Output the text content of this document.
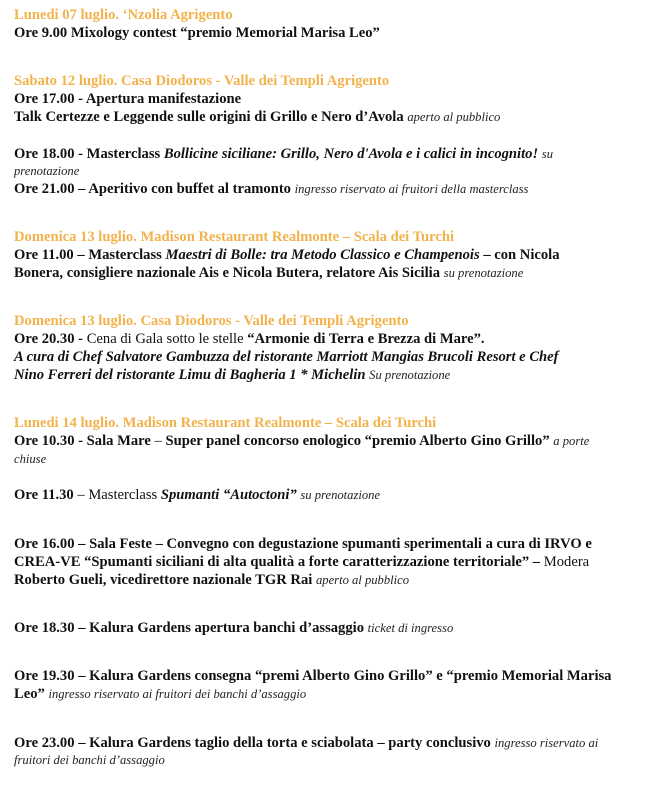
Lunedi 07 luglio. ‘Nzolia Agrigento
Ore 9.00 Mixology contest “premio Memorial Marisa Leo”
Sabato 12 luglio. Casa Diodoros - Valle dei Templi Agrigento
Ore 17.00 - Apertura manifestazione
Talk Certezze e Leggende sulle origini di Grillo e Nero d’Avola aperto al pubblico
Ore 18.00 - Masterclass Bollicine siciliane: Grillo, Nero d'Avola e i calici in incognito! su
prenotazione
Ore 21.00 – Aperitivo con buffet al tramonto ingresso riservato ai fruitori della masterclass
Domenica 13 luglio. Madison Restaurant Realmonte – Scala dei Turchi
Ore 11.00 – Masterclass Maestri di Bolle: tra Metodo Classico e Champenois – con Nicola
Bonera, consigliere nazionale Ais e Nicola Butera, relatore Ais Sicilia su prenotazione
Domenica 13 luglio. Casa Diodoros - Valle dei Templi Agrigento
Ore 20.30 - Cena di Gala sotto le stelle “Armonie di Terra e Brezza di Mare”.
A cura di Chef Salvatore Gambuzza del ristorante Marriott Mangias Brucoli Resort e Chef
Nino Ferreri del ristorante Limu di Bagheria 1 * Michelin Su prenotazione
Lunedi 14 luglio. Madison Restaurant Realmonte – Scala dei Turchi
Ore 10.30 - Sala Mare – Super panel concorso enologico “premio Alberto Gino Grillo” a porte
chiuse
Ore 11.30 – Masterclass Spumanti “Autoctoni” su prenotazione
Ore 16.00 – Sala Feste – Convegno con degustazione spumanti sperimentali a cura di IRVO e
CREA-VE “Spumanti siciliani di alta qualità a forte caratterizzazione territoriale” – Modera
Roberto Gueli, vicedirettore nazionale TGR Rai aperto al pubblico
Ore 18.30 – Kalura Gardens apertura banchi d’assaggio ticket di ingresso
Ore 19.30 – Kalura Gardens consegna “premi Alberto Gino Grillo” e “premio Memorial Marisa
Leo” ingresso riservato ai fruitori dei banchi d’assaggio
Ore 23.00 – Kalura Gardens taglio della torta e sciabolata – party conclusivo ingresso riservato ai
fruitori dei banchi d’assaggio
